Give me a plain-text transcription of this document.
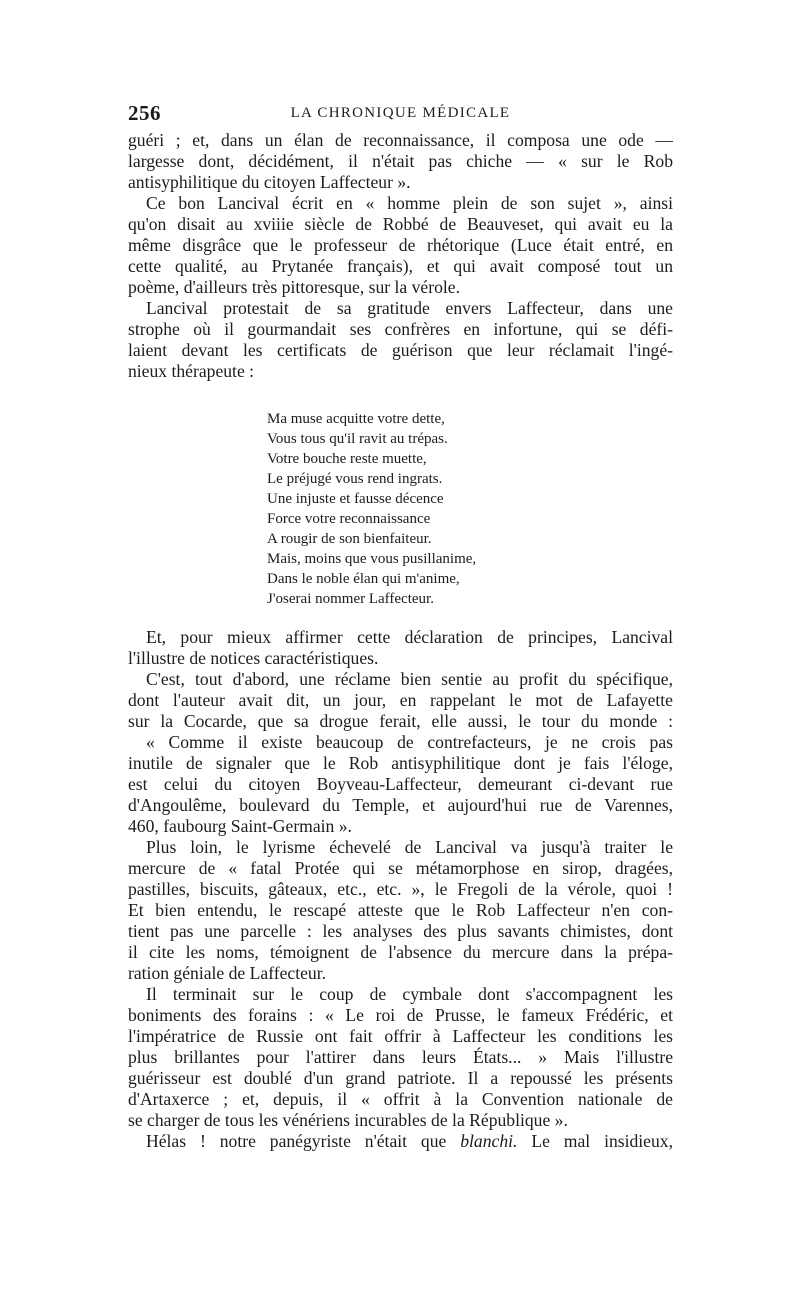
256	LA CHRONIQUE MÉDICALE
guéri ; et, dans un élan de reconnaissance, il composa une ode —
largesse dont, décidément, il n'était pas chiche — « sur le Rob
antisyphilitique du citoyen Laffecteur ».
Ce bon Lancival écrit en « homme plein de son sujet », ainsi
qu'on disait au xviiie siècle de Robbé de Beauveset, qui avait eu la
même disgrâce que le professeur de rhétorique (Luce était entré, en
cette qualité, au Prytanée français), et qui avait composé tout un
poème, d'ailleurs très pittoresque, sur la vérole.
Lancival protestait de sa gratitude envers Laffecteur, dans une
strophe où il gourmandait ses confrères en infortune, qui se défi-
laient devant les certificats de guérison que leur réclamait l'ingé-
nieux thérapeute :
Ma muse acquitte votre dette,
Vous tous qu'il ravit au trépas.
Votre bouche reste muette,
Le préjugé vous rend ingrats.
Une injuste et fausse décence
Force votre reconnaissance
A rougir de son bienfaiteur.
Mais, moins que vous pusillanime,
Dans le noble élan qui m'anime,
J'oserai nommer Laffecteur.
Et, pour mieux affirmer cette déclaration de principes, Lancival
l'illustre de notices caractéristiques.
C'est, tout d'abord, une réclame bien sentie au profit du spécifique,
dont l'auteur avait dit, un jour, en rappelant le mot de Lafayette
sur la Cocarde, que sa drogue ferait, elle aussi, le tour du monde :
« Comme il existe beaucoup de contrefacteurs, je ne crois pas
inutile de signaler que le Rob antisyphilitique dont je fais l'éloge,
est celui du citoyen Boyveau-Laffecteur, demeurant ci-devant rue
d'Angoulême, boulevard du Temple, et aujourd'hui rue de Varennes,
460, faubourg Saint-Germain ».
Plus loin, le lyrisme échevelé de Lancival va jusqu'à traiter le
mercure de « fatal Protée qui se métamorphose en sirop, dragées,
pastilles, biscuits, gâteaux, etc., etc. », le Fregoli de la vérole, quoi !
Et bien entendu, le rescapé atteste que le Rob Laffecteur n'en con-
tient pas une parcelle : les analyses des plus savants chimistes, dont
il cite les noms, témoignent de l'absence du mercure dans la prépa-
ration géniale de Laffecteur.
Il terminait sur le coup de cymbale dont s'accompagnent les
boniments des forains : « Le roi de Prusse, le fameux Frédéric, et
l'impératrice de Russie ont fait offrir à Laffecteur les conditions les
plus brillantes pour l'attirer dans leurs États... » Mais l'illustre
guérisseur est doublé d'un grand patriote. Il a repoussé les présents
d'Artaxerce ; et, depuis, il « offrit à la Convention nationale de
se charger de tous les vénériens incurables de la République ».
Hélas ! notre panégyriste n'était que blanchi. Le mal insidieux,
